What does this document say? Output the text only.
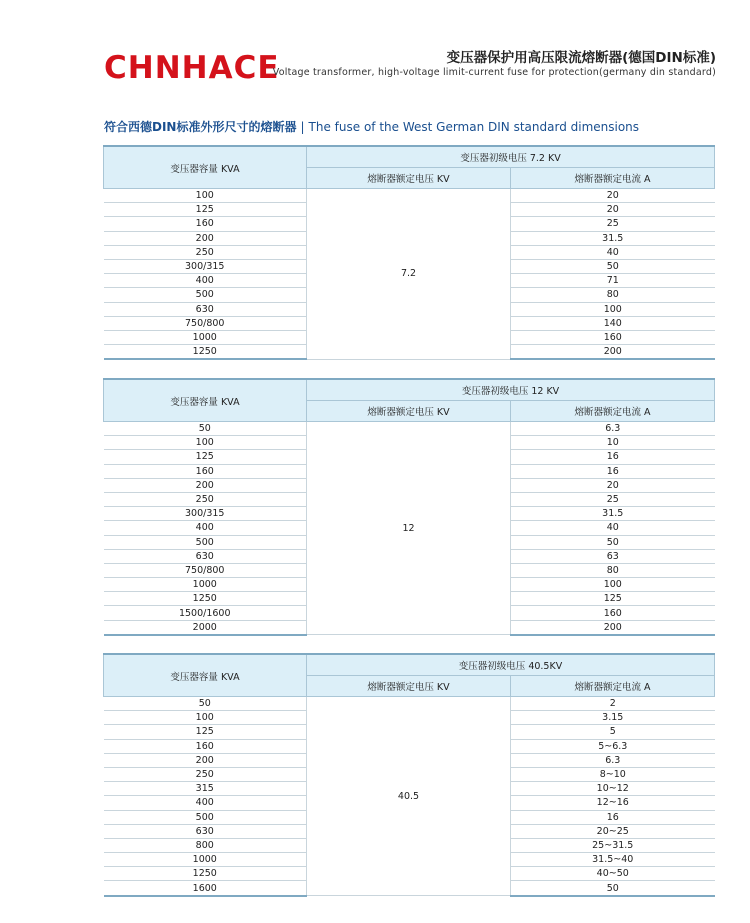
CHNHACE	变压器保护用高压限流熔断器(德国DIN标准)
Voltage transformer, high-voltage limit-current fuse for protection(germany din standard)
符合西德DIN标准外形尺寸的熔断器 | The fuse of the West German DIN standard dimensions
变压器容量 KVA	变压器初级电压 7.2 KV	
	熔断器额定电压 KV	熔断器额定电流 A
100	7.2	20
125		20
160		25
200		31.5
250		40
300/315		50
400		71
500		80
630		100
750/800		140
1000		160
1250		200
变压器容量 KVA	变压器初级电压 12 KV	
	熔断器额定电压 KV	熔断器额定电流 A
50	12	6.3
100		10
125		16
160		16
200		20
250		25
300/315		31.5
400		40
500		50
630		63
750/800		80
1000		100
1250		125
1500/1600		160
2000		200
变压器容量 KVA	变压器初级电压 40.5KV	
	熔断器额定电压 KV	熔断器额定电流 A
50	40.5	2
100		3.15
125		5
160		5~6.3
200		6.3
250		8~10
315		10~12
400		12~16
500		16
630		20~25
800		25~31.5
1000		31.5~40
1250		40~50
1600		50
